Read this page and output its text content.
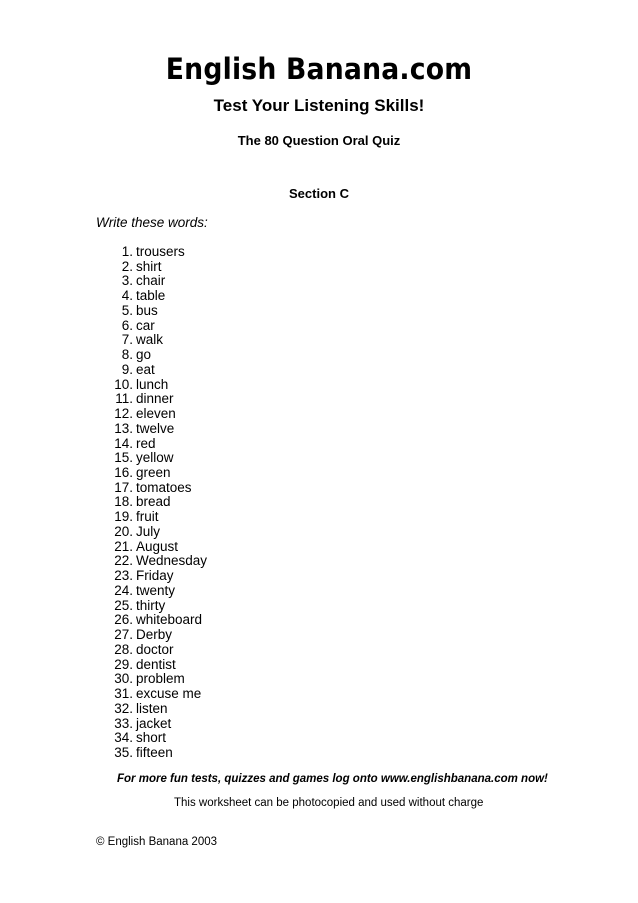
English Banana.com
Test Your Listening Skills!
The 80 Question Oral Quiz
Section C
Write these words:
1. trousers
2. shirt
3. chair
4. table
5. bus
6. car
7. walk
8. go
9. eat
10. lunch
11. dinner
12. eleven
13. twelve
14. red
15. yellow
16. green
17. tomatoes
18. bread
19. fruit
20. July
21. August
22. Wednesday
23. Friday
24. twenty
25. thirty
26. whiteboard
27. Derby
28. doctor
29. dentist
30. problem
31. excuse me
32. listen
33. jacket
34. short
35. fifteen
For more fun tests, quizzes and games log onto www.englishbanana.com now!
This worksheet can be photocopied and used without charge
© English Banana 2003
